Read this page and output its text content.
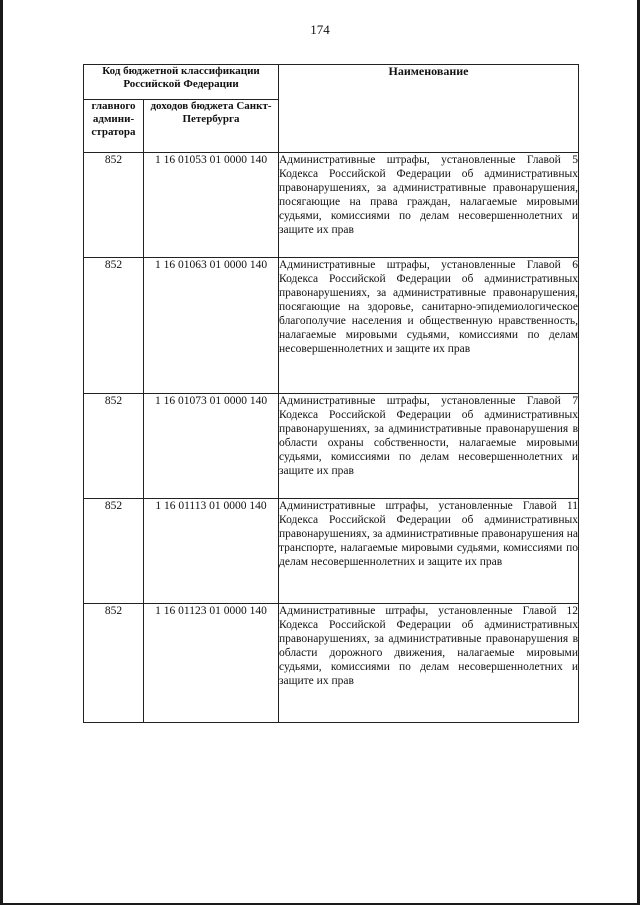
174
Код бюджетной классификации Российской Федерации		Наименование
главного админи-стратора	доходов бюджета Санкт-Петербурга	
852	1 16 01053 01 0000 140	Административные штрафы, установленные Главой 5 Кодекса Российской Федерации об административных правонарушениях, за административные правонарушения, посягающие на права граждан, налагаемые мировыми судьями, комиссиями по делам несовершеннолетних и защите их прав
852	1 16 01063 01 0000 140	Административные штрафы, установленные Главой 6 Кодекса Российской Федерации об административных правонарушениях, за административные правонарушения, посягающие на здоровье, санитарно-эпидемиологическое благополучие населения и общественную нравственность, налагаемые мировыми судьями, комиссиями по делам несовершеннолетних и защите их прав
852	1 16 01073 01 0000 140	Административные штрафы, установленные Главой 7 Кодекса Российской Федерации об административных правонарушениях, за административные правонарушения в области охраны собственности, налагаемые мировыми судьями, комиссиями по делам несовершеннолетних и защите их прав
852	1 16 01113 01 0000 140	Административные штрафы, установленные Главой 11 Кодекса Российской Федерации об административных правонарушениях, за административные правонарушения на транспорте, налагаемые мировыми судьями, комиссиями по делам несовершеннолетних и защите их прав
852	1 16 01123 01 0000 140	Административные штрафы, установленные Главой 12 Кодекса Российской Федерации об административных правонарушениях, за административные правонарушения в области дорожного движения, налагаемые мировыми судьями, комиссиями по делам несовершеннолетних и защите их прав
